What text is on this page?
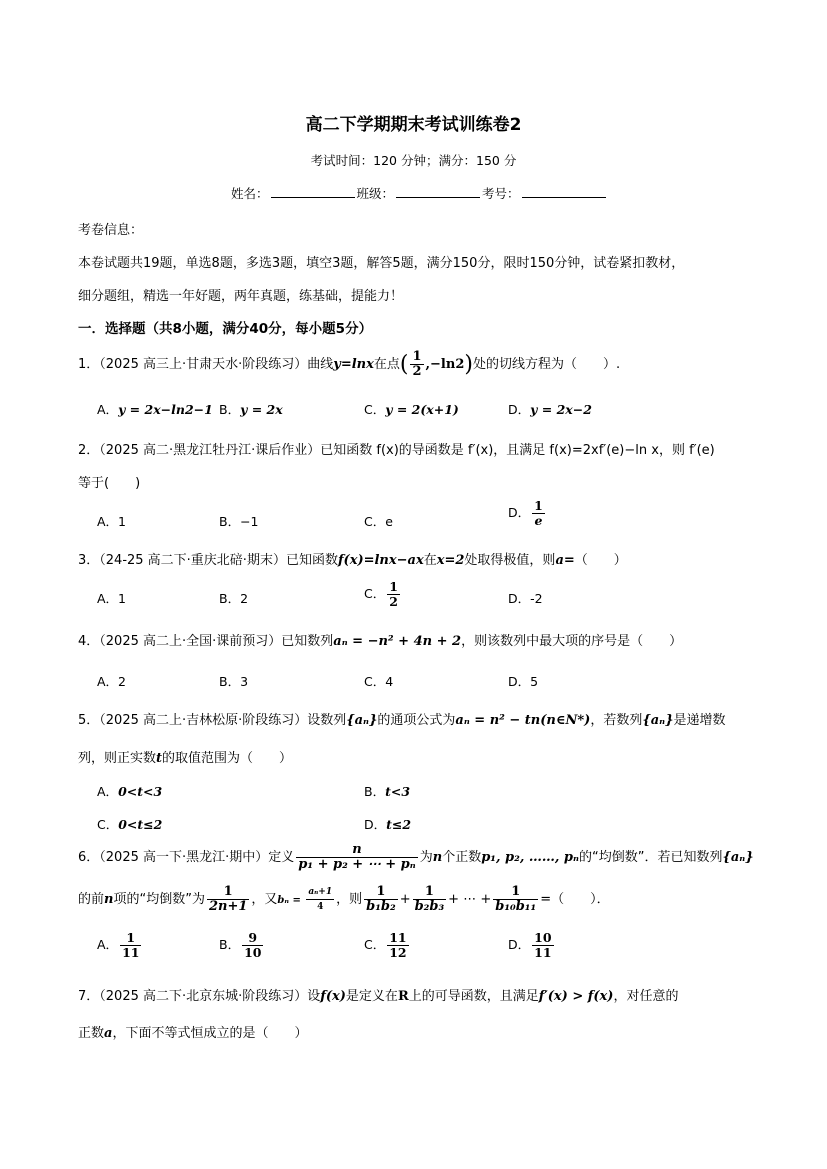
高二下学期期末考试训练卷2
考试时间：120 分钟；满分：150 分
姓名：	班级：	考号：
考卷信息：
本卷试题共19题，单选8题，多选3题，填空3题，解答5题，满分150分，限时150分钟，试卷紧扣教材，
细分题组，精选一年好题，两年真题，练基础，提能力！
一．选择题（共8小题，满分40分，每小题5分）
1．（2025 高三上·甘肃天水·阶段练习）曲线y=lnx在点( $\frac{1}{2} ,-\ln 2$)处的切线方程为（　　）.
A．y = 2x−ln2−1 B．y = 2x	C．y = 2(x+1)	D．y = 2x−2
2．（2025 高二·黑龙江牡丹江·课后作业）已知函数 f(x)的导函数是 f′(x)，且满足 f(x)=2xf′(e)−ln x，则 f′(e)
等于(　　)
A．1	B．−1	C．e
D． $\frac{1}{e}$
3．（24-25 高二下·重庆北碚·期末）已知函数f(x)=lnx−ax在x=2处取得极值，则a=（　　）
A．1	B．2	C． $\frac{1}{2}$	D．-2
4．（2025 高二上·全国·课前预习）已知数列aₙ = −n² + 4n + 2，则该数列中最大项的序号是（　　）
A．2	B．3	C．4	D．5
5．（2025 高二上·吉林松原·阶段练习）设数列{aₙ}的通项公式为aₙ = n² − tn(n∈N*)，若数列{aₙ}是递增数
列，则正实数t的取值范围为（　　）
A．0<t<3	B．t<3
C．0<t≤2	D．t≤2
6．（2025 高一下·黑龙江·期中）定义 $\frac{n}{\text{p₁ + p₂ + ⋯ + pₙ}}$ 为n个正数p₁, p₂, ……, pₙ的“均倒数”．若已知数列{aₙ}
的前n项的“均倒数”为 $\frac{1}{2n+1}$ ，又$b_n = \frac{\text{aₙ+1}}{4}$ ，则 $\frac{1}{\text{b₁b₂}} + \frac{1}{\text{b₂b₃}}$ + ⋯ + $\frac{1}{\text{b₁₀b₁₁}}$ =（　　）．
A． $\frac{1}{11}$	B． $\frac{9}{10}$	C． $\frac{11}{12}$	D． $\frac{10}{11}$
7．（2025 高二下·北京东城·阶段练习）设f(x)是定义在R上的可导函数，且满足f′(x) > f(x)，对任意的
正数a，下面不等式恒成立的是（　　）
